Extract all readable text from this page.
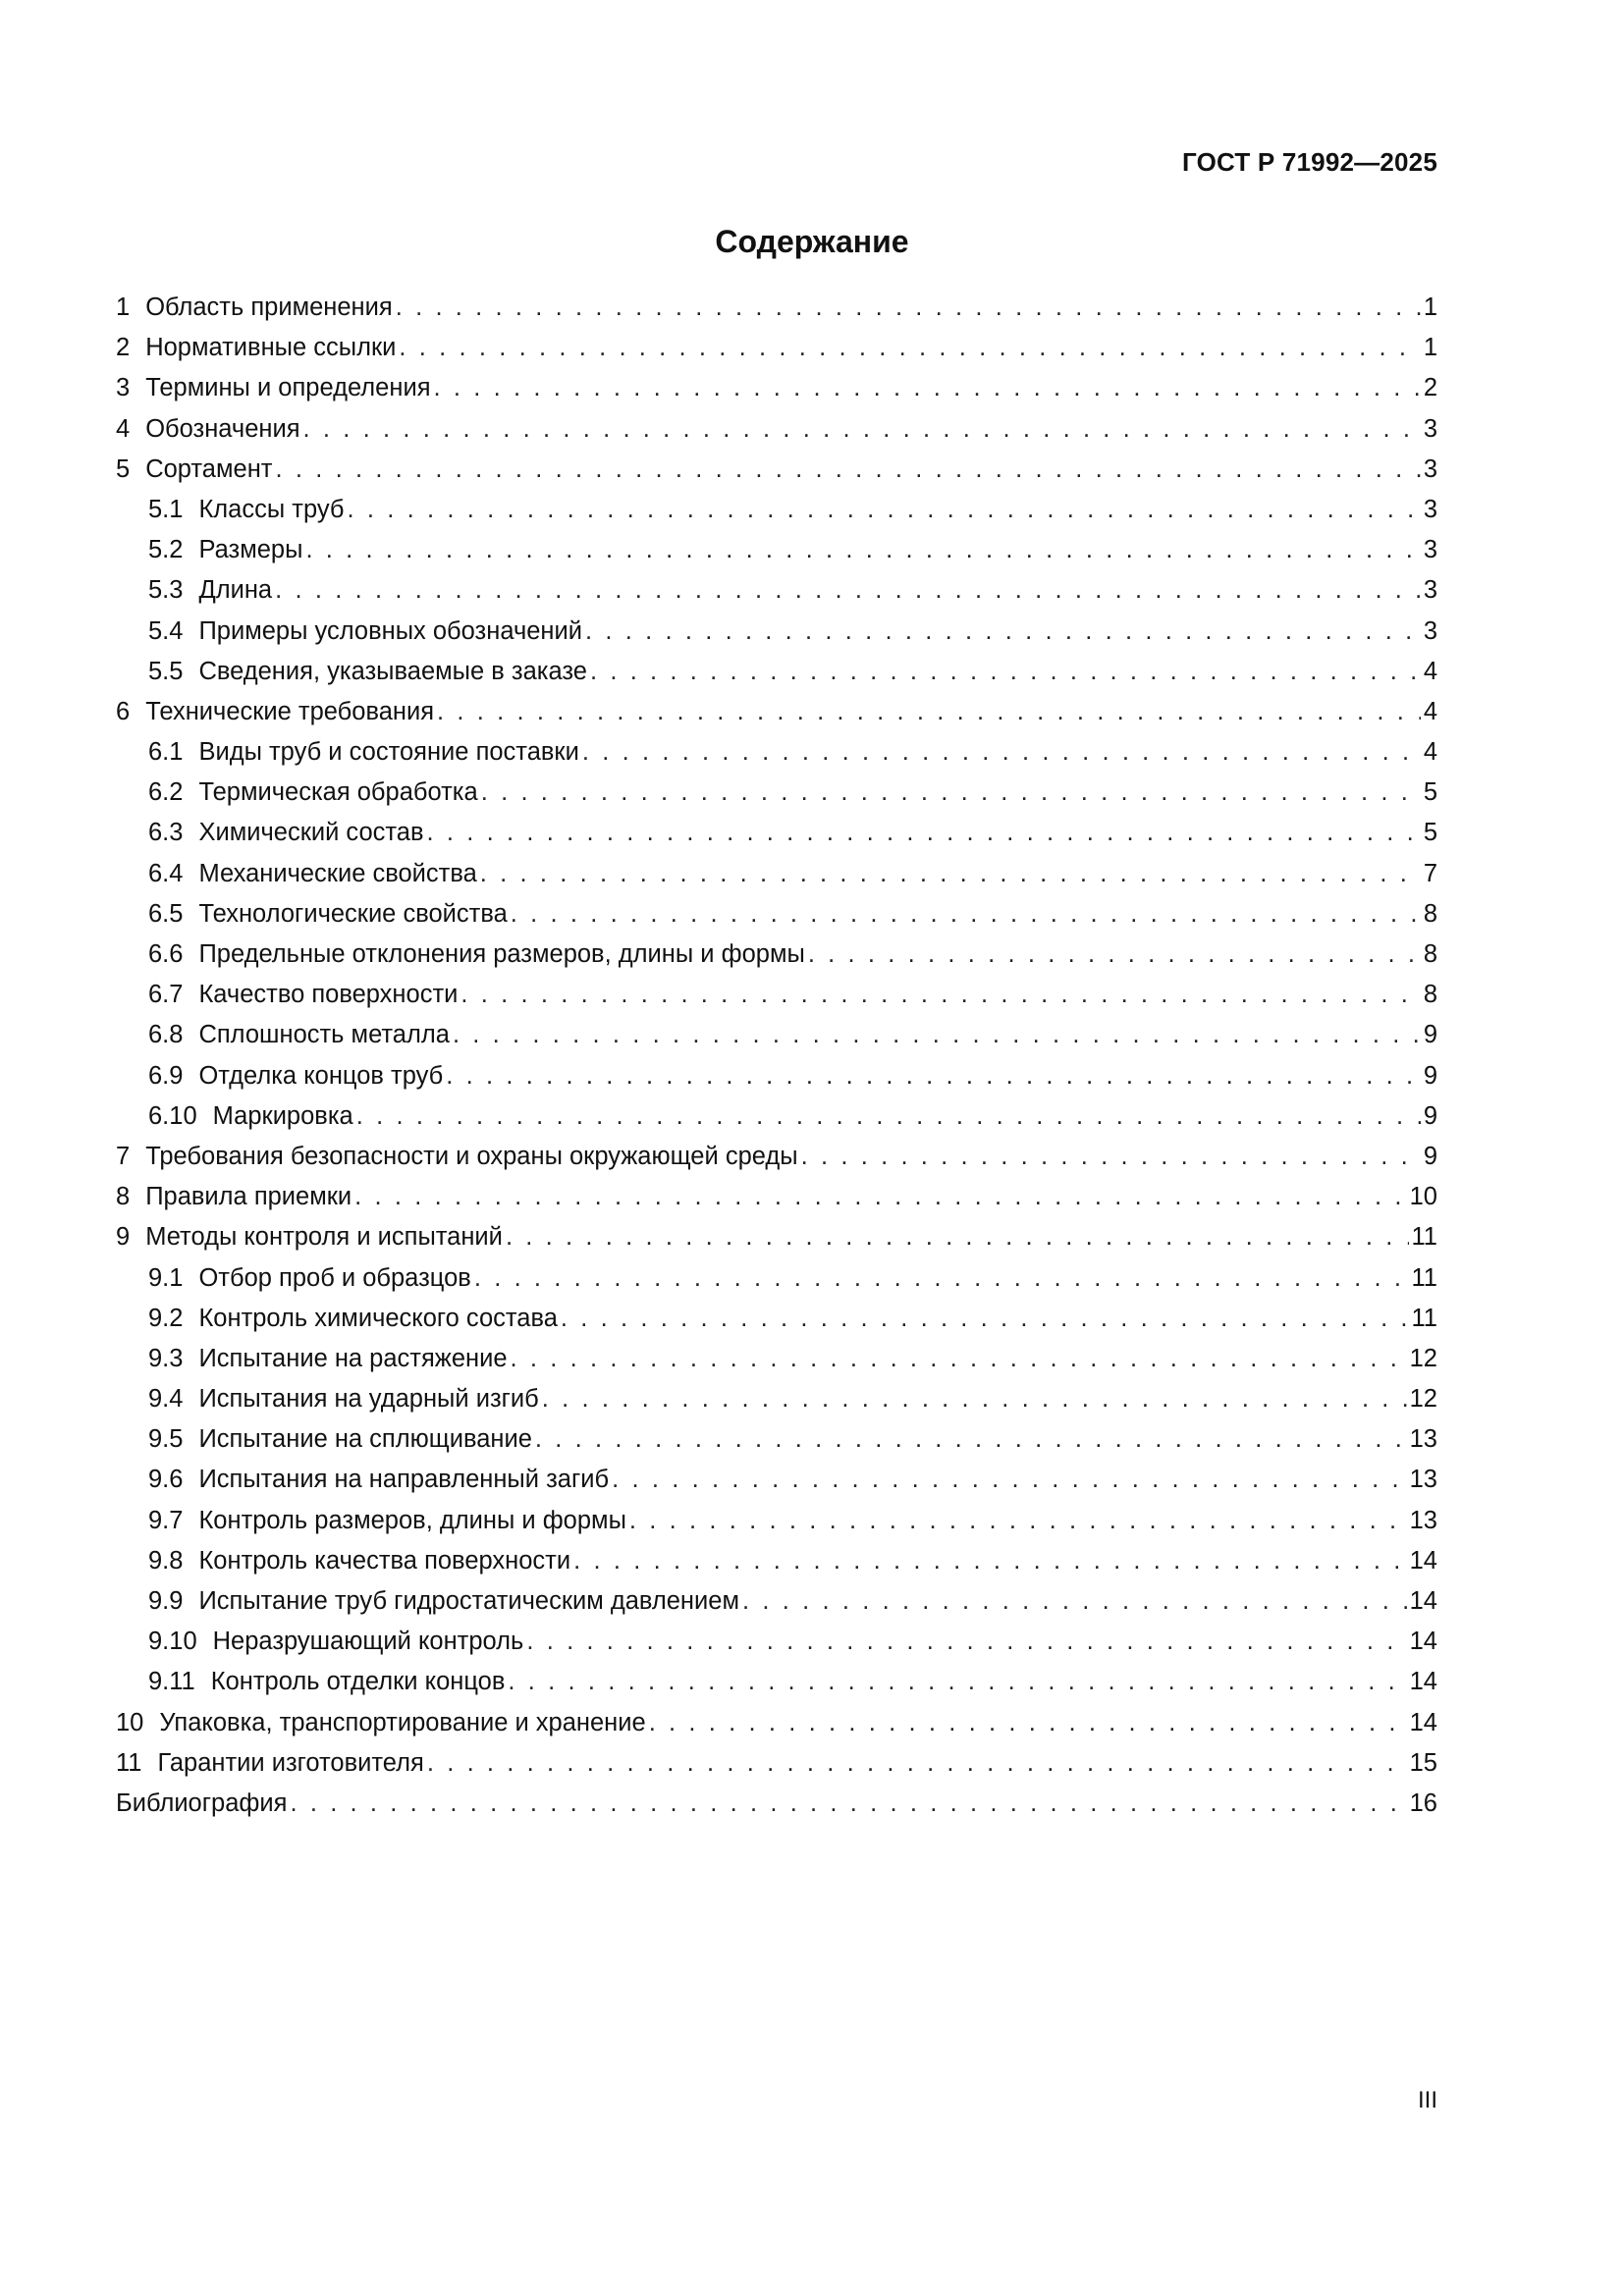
ГОСТ Р 71992—2025
Содержание
1 Область применения . . .	1
2 Нормативные ссылки . . .	1
3 Термины и определения . . .	2
4 Обозначения . . .	3
5 Сортамент . . .	3
5.1 Классы труб . . .	3
5.2 Размеры . . .	3
5.3 Длина . . .	3
5.4 Примеры условных обозначений . . .	3
5.5 Сведения, указываемые в заказе . . .	4
6 Технические требования . . .	4
6.1 Виды труб и состояние поставки . . .	4
6.2 Термическая обработка . . .	5
6.3 Химический состав . . .	5
6.4 Механические свойства . . .	7
6.5 Технологические свойства . . .	8
6.6 Предельные отклонения размеров, длины и формы . . .	8
6.7 Качество поверхности . . .	8
6.8 Сплошность металла . . .	9
6.9 Отделка концов труб . . .	9
6.10 Маркировка . . .	9
7 Требования безопасности и охраны окружающей среды . . .	9
8 Правила приемки . . .	10
9 Методы контроля и испытаний . . .	11
9.1 Отбор проб и образцов . . .	11
9.2 Контроль химического состава . . .	11
9.3 Испытание на растяжение . . .	12
9.4 Испытания на ударный изгиб . . .	12
9.5 Испытание на сплющивание . . .	13
9.6 Испытания на направленный загиб . . .	13
9.7 Контроль размеров, длины и формы . . .	13
9.8 Контроль качества поверхности . . .	14
9.9 Испытание труб гидростатическим давлением . . .	14
9.10 Неразрушающий контроль . . .	14
9.11 Контроль отделки концов . . .	14
10 Упаковка, транспортирование и хранение . . .	14
11 Гарантии изготовителя . . .	15
Библиография . . .	16
III
